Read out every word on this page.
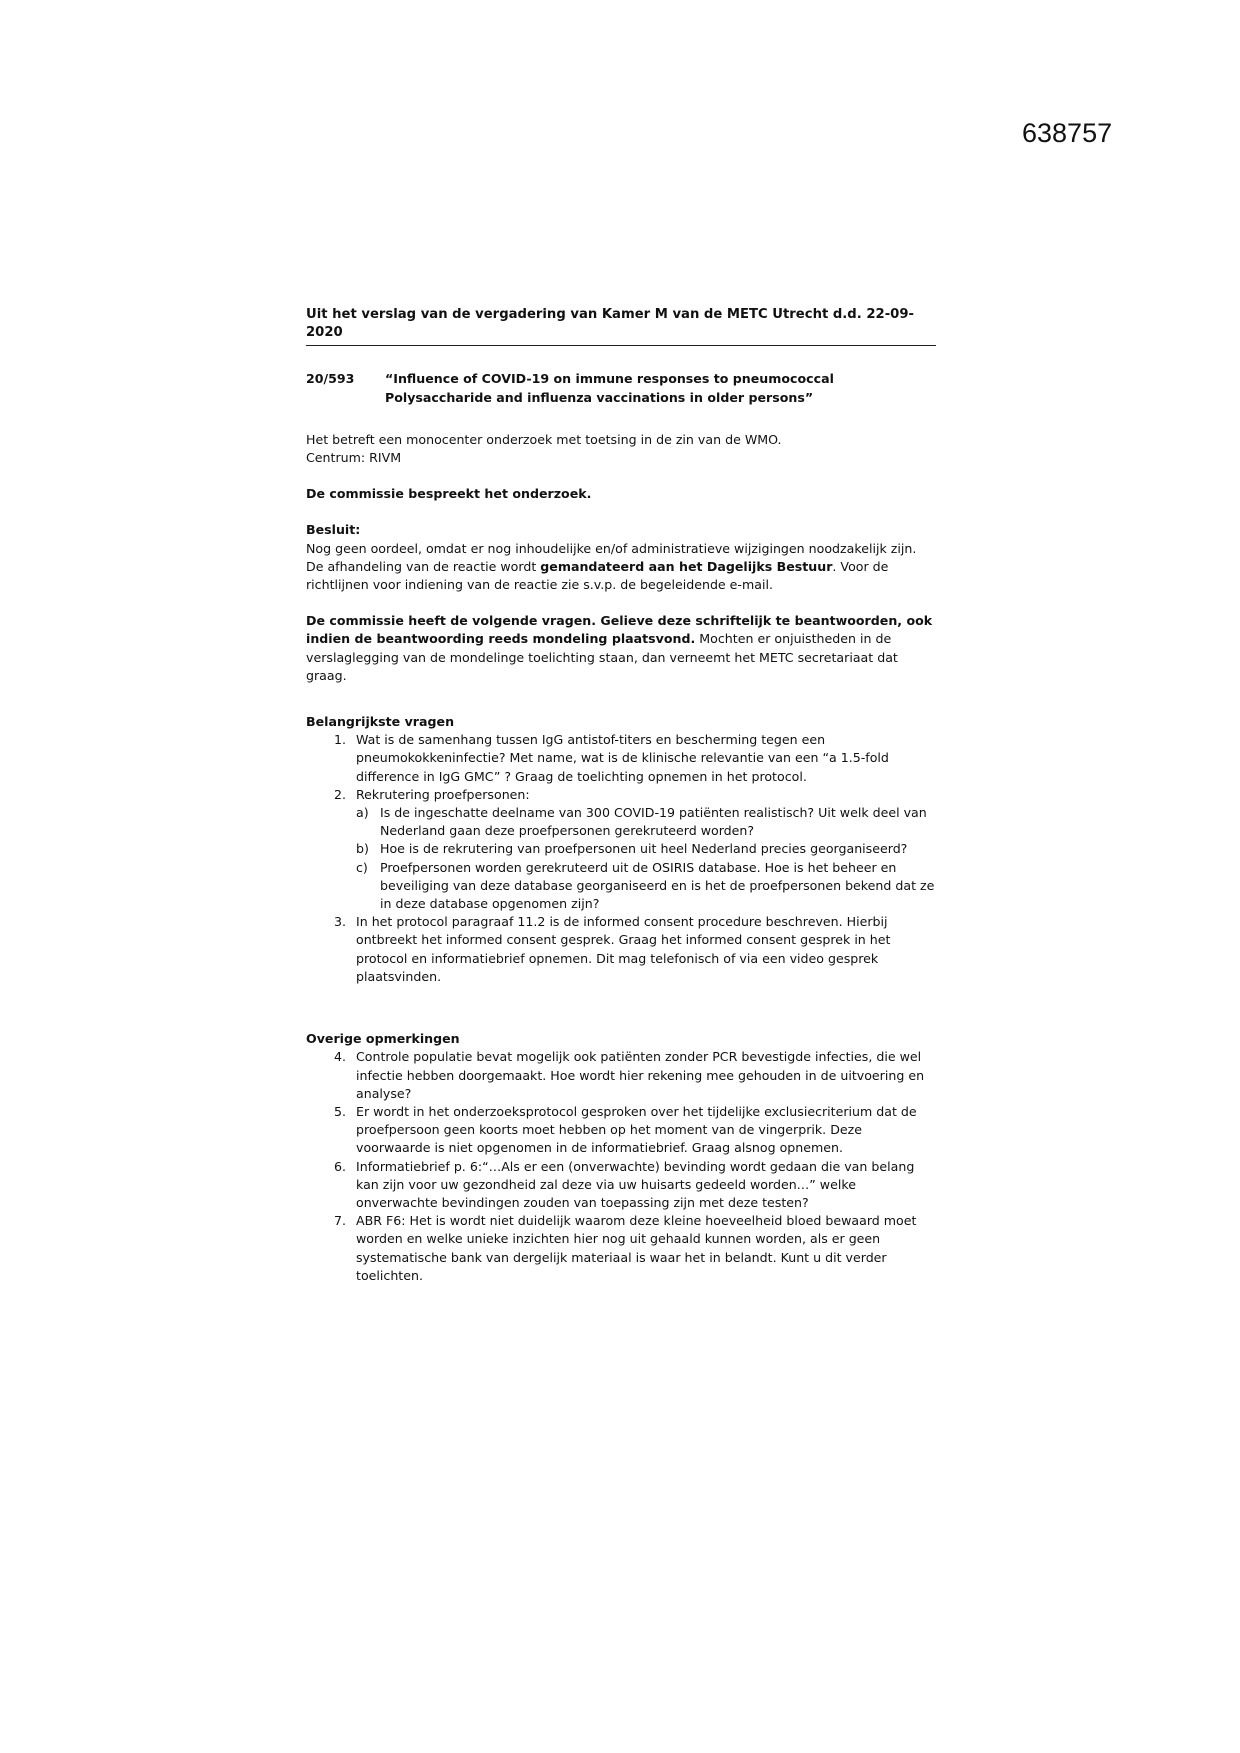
638757
Uit het verslag van de vergadering van Kamer M van de METC Utrecht d.d. 22-09-2020
20/593	“Influence of COVID-19 on immune responses to pneumococcal
Polysaccharide and influenza vaccinations in older persons”

Het betreft een monocenter onderzoek met toetsing in de zin van de WMO.

Centrum: RIVM

De commissie bespreekt het onderzoek.

Besluit:

Nog geen oordeel, omdat er nog inhoudelijke en/of administratieve wijzigingen noodzakelijk zijn. De afhandeling van de reactie wordt gemandateerd aan het Dagelijks Bestuur. Voor de richtlijnen voor indiening van de reactie zie s.v.p. de begeleidende e-mail.

De commissie heeft de volgende vragen. Gelieve deze schriftelijk te beantwoorden, ook indien de beantwoording reeds mondeling plaatsvond. Mochten er onjuistheden in de verslaglegging van de mondelinge toelichting staan, dan verneemt het METC secretariaat dat graag.

Belangrijkste vragen

1. Wat is de samenhang tussen IgG antistof-titers en bescherming tegen een pneumokokkeninfectie? Met name, wat is de klinische relevantie van een “a 1.5-fold difference in IgG GMC” ? Graag de toelichting opnemen in het protocol.
2. Rekrutering proefpersonen:
a) Is de ingeschatte deelname van 300 COVID-19 patiënten realistisch? Uit welk deel van Nederland gaan deze proefpersonen gerekruteerd worden?
b) Hoe is de rekrutering van proefpersonen uit heel Nederland precies georganiseerd?
c) Proefpersonen worden gerekruteerd uit de OSIRIS database. Hoe is het beheer en beveiliging van deze database georganiseerd en is het de proefpersonen bekend dat ze in deze database opgenomen zijn?
3. In het protocol paragraaf 11.2 is de informed consent procedure beschreven. Hierbij ontbreekt het informed consent gesprek. Graag het informed consent gesprek in het protocol en informatiebrief opnemen. Dit mag telefonisch of via een video gesprek plaatsvinden.

Overige opmerkingen

4. Controle populatie bevat mogelijk ook patiënten zonder PCR bevestigde infecties, die wel infectie hebben doorgemaakt. Hoe wordt hier rekening mee gehouden in de uitvoering en analyse?
5. Er wordt in het onderzoeksprotocol gesproken over het tijdelijke exclusiecriterium dat de proefpersoon geen koorts moet hebben op het moment van de vingerprik. Deze voorwaarde is niet opgenomen in de informatiebrief. Graag alsnog opnemen.
6. Informatiebrief p. 6:“…Als er een (onverwachte) bevinding wordt gedaan die van belang kan zijn voor uw gezondheid zal deze via uw huisarts gedeeld worden…” welke onverwachte bevindingen zouden van toepassing zijn met deze testen?
7. ABR F6: Het is wordt niet duidelijk waarom deze kleine hoeveelheid bloed bewaard moet worden en welke unieke inzichten hier nog uit gehaald kunnen worden, als er geen systematische bank van dergelijk materiaal is waar het in belandt. Kunt u dit verder toelichten.
